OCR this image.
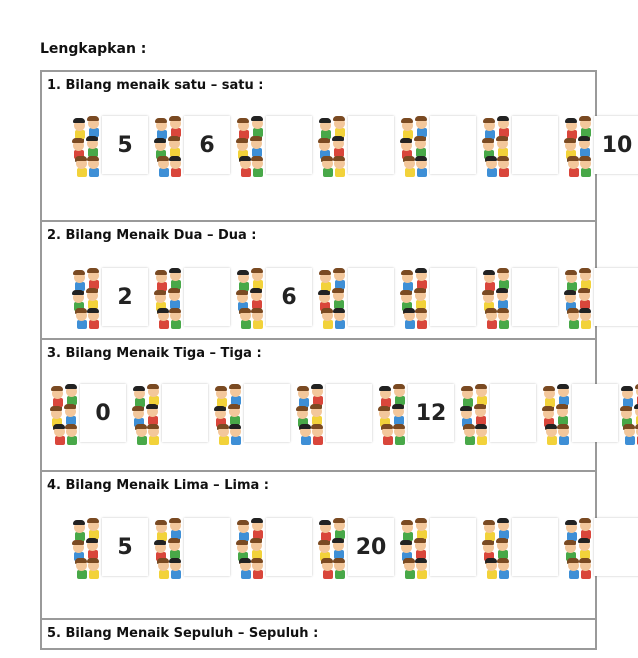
Lengkapkan :
1. Bilang menaik satu – satu :
5	6	10
2. Bilang Menaik Dua – Dua :
2	6
3. Bilang Menaik Tiga – Tiga :
0	12
4. Bilang Menaik Lima – Lima :
5	20
5. Bilang Menaik Sepuluh – Sepuluh :
